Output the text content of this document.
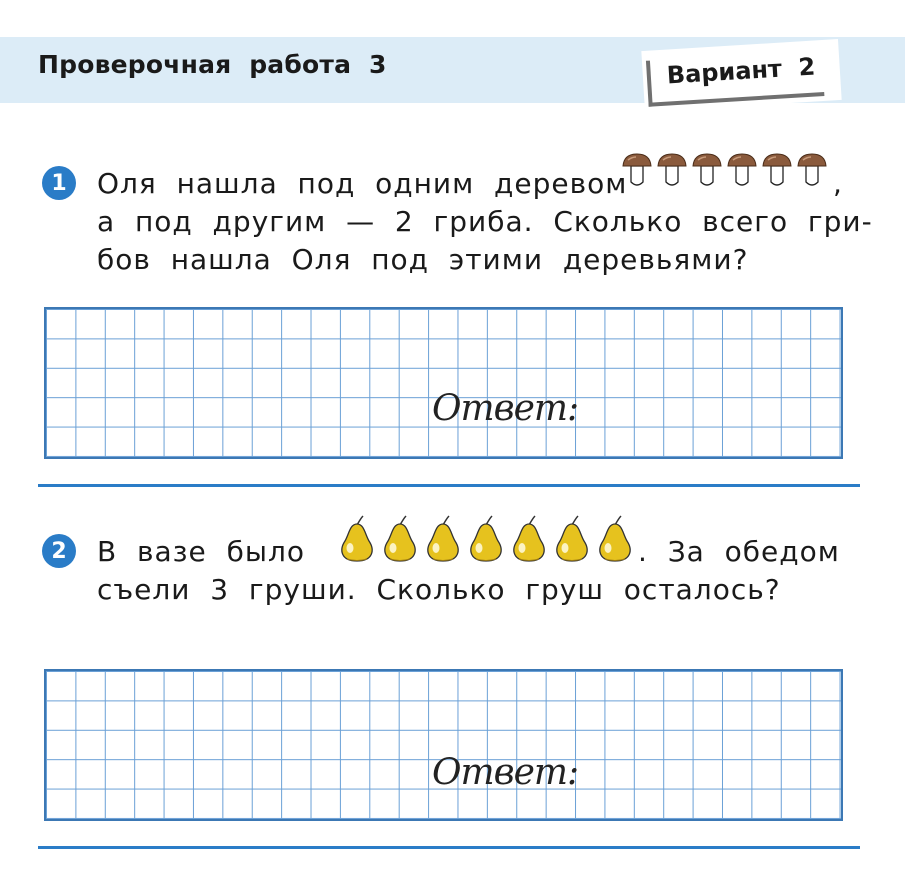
Проверочная  работа  3	Вариант  2
1	Оля  нашла  под  одним  деревом	,
а  под  другим  —  2  гриба.  Сколько  всего  гри-
бов  нашла  Оля  под  этими  деревьями?
Ответ:
2	В  вазе  было	.  За  обедом
съели  3  груши.  Сколько  груш  осталось?
Ответ:
